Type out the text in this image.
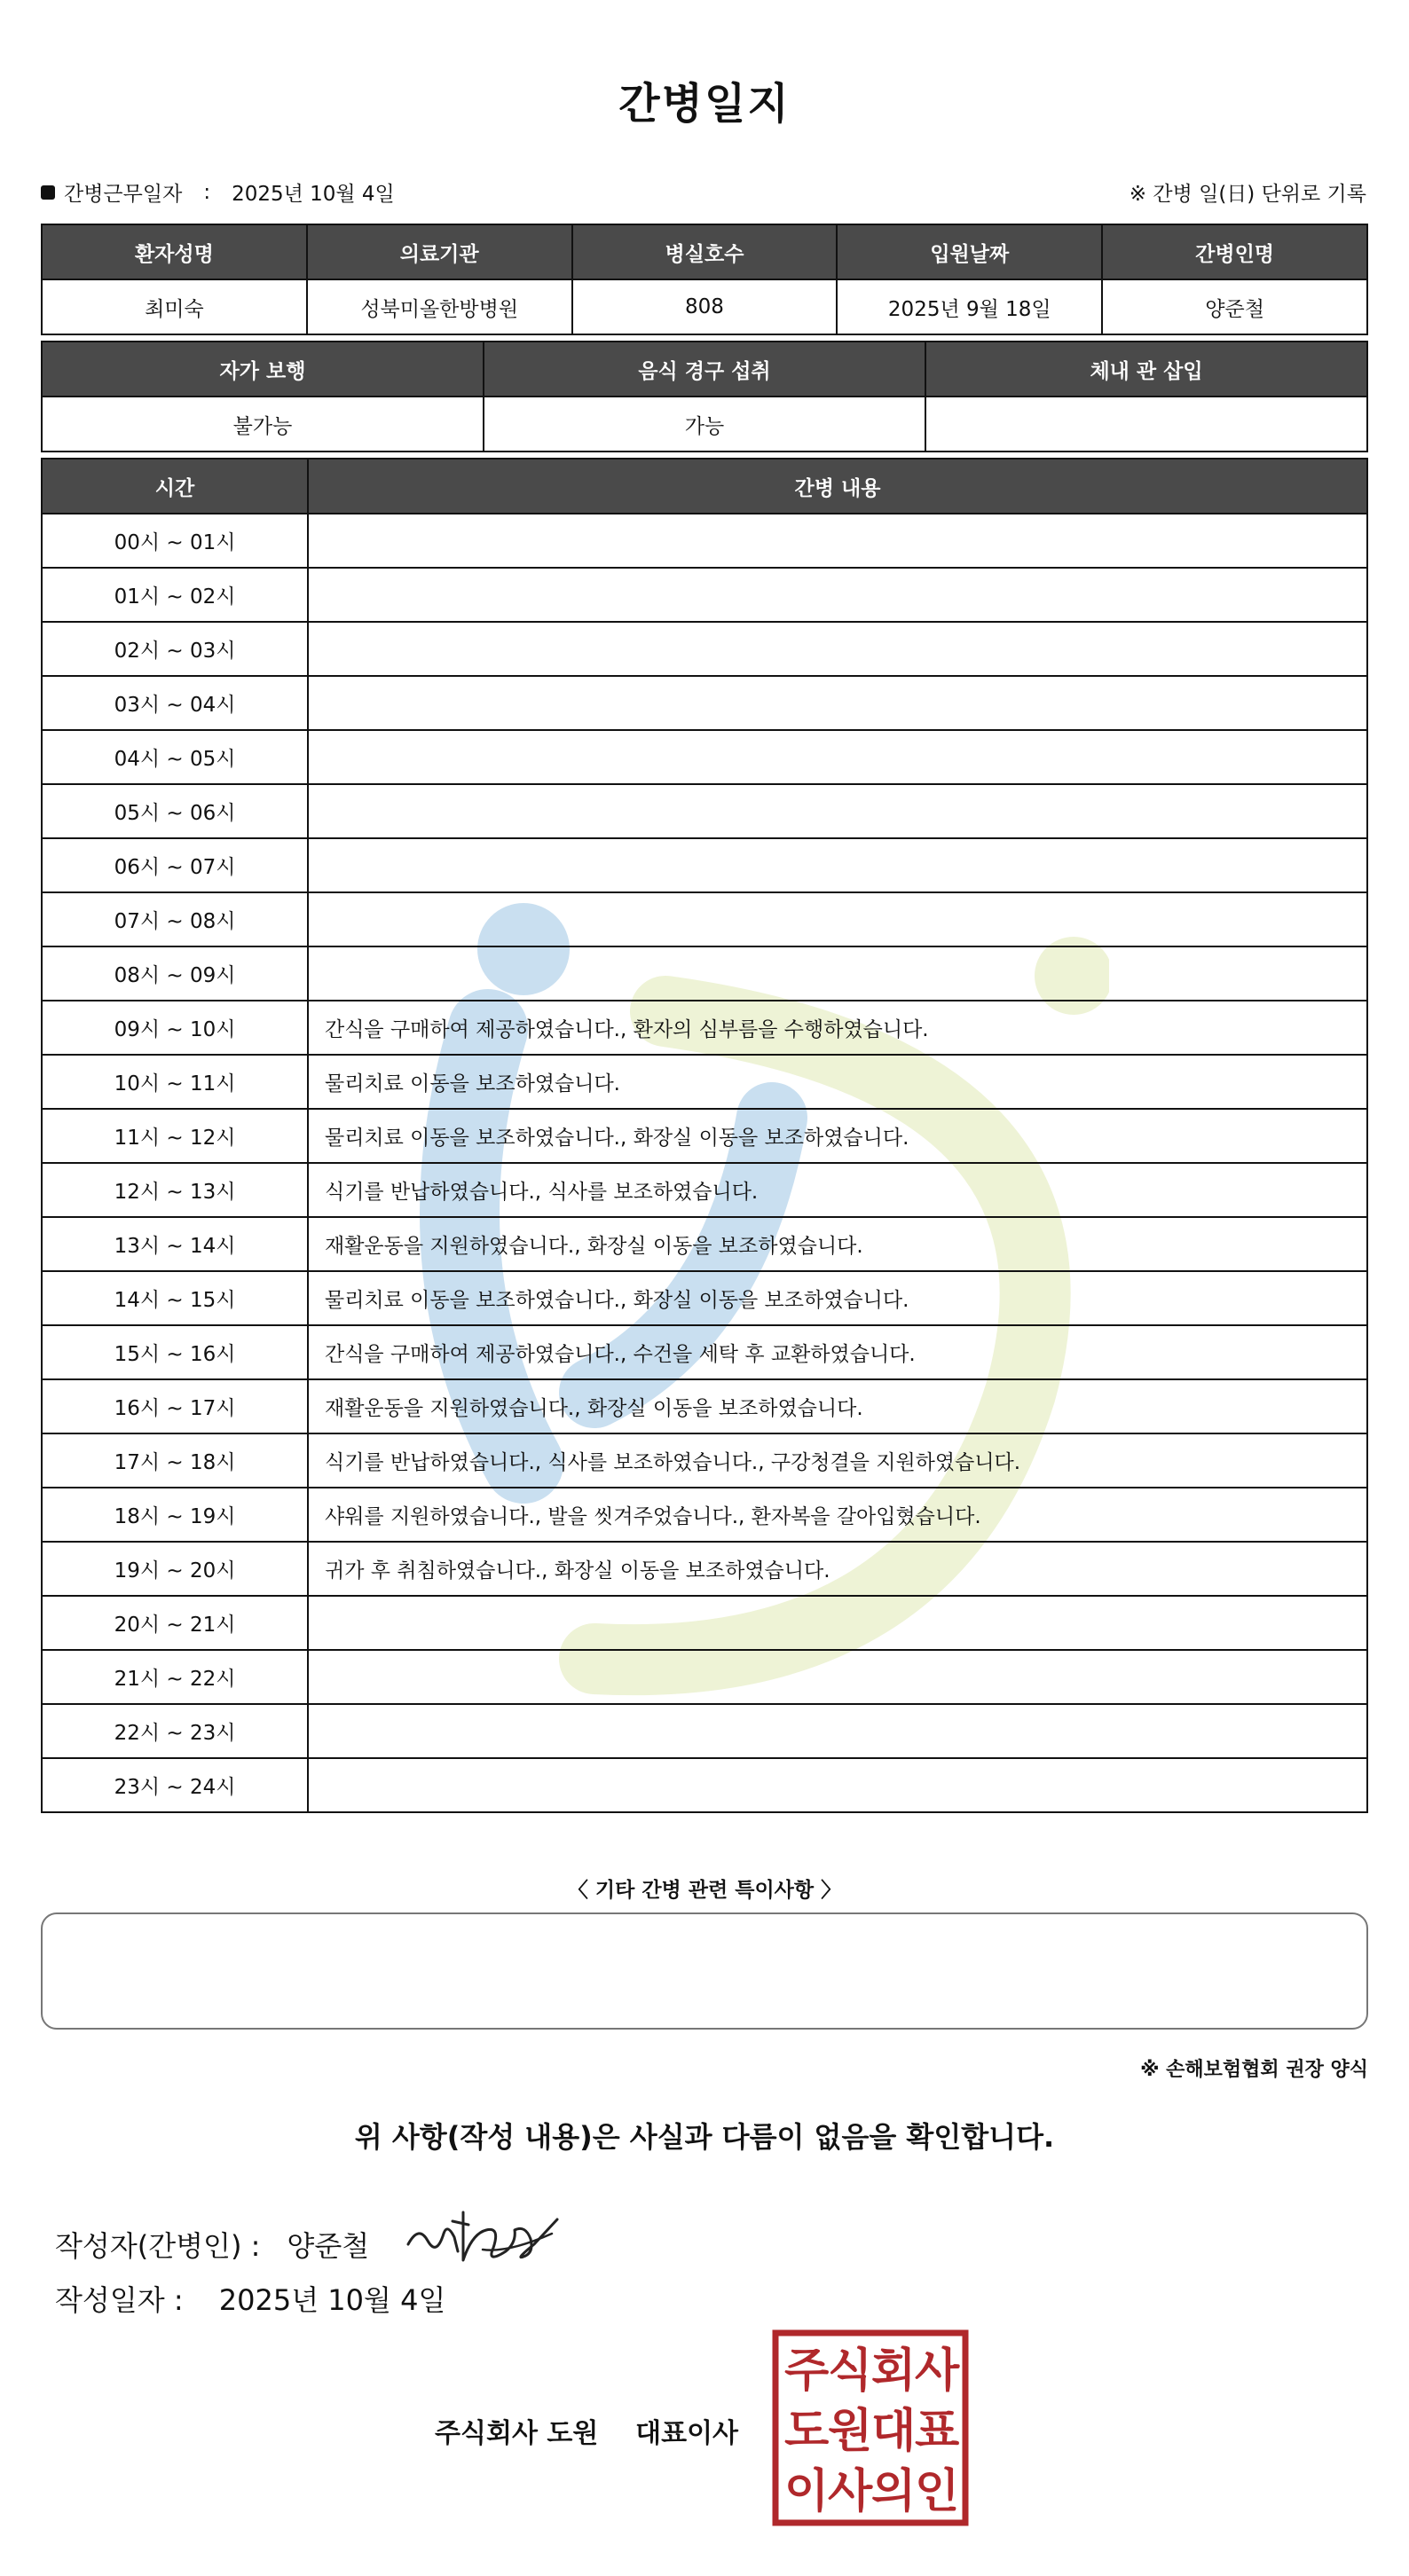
간병일지
간병근무일자 : 2025년 10월 4일	※ 간병 일(日) 단위로 기록
환자성명	의료기관	병실호수	입원날짜	간병인명
최미숙	성북미올한방병원	808	2025년 9월 18일	양준철
자가 보행	음식 경구 섭취	체내 관 삽입
불가능	가능	
시간	간병 내용
00시 ~ 01시	
01시 ~ 02시	
02시 ~ 03시	
03시 ~ 04시	
04시 ~ 05시	
05시 ~ 06시	
06시 ~ 07시	
07시 ~ 08시	
08시 ~ 09시	
09시 ~ 10시	간식을 구매하여 제공하였습니다., 환자의 심부름을 수행하였습니다.
10시 ~ 11시	물리치료 이동을 보조하였습니다.
11시 ~ 12시	물리치료 이동을 보조하였습니다., 화장실 이동을 보조하였습니다.
12시 ~ 13시	식기를 반납하였습니다., 식사를 보조하였습니다.
13시 ~ 14시	재활운동을 지원하였습니다., 화장실 이동을 보조하였습니다.
14시 ~ 15시	물리치료 이동을 보조하였습니다., 화장실 이동을 보조하였습니다.
15시 ~ 16시	간식을 구매하여 제공하였습니다., 수건을 세탁 후 교환하였습니다.
16시 ~ 17시	재활운동을 지원하였습니다., 화장실 이동을 보조하였습니다.
17시 ~ 18시	식기를 반납하였습니다., 식사를 보조하였습니다., 구강청결을 지원하였습니다.
18시 ~ 19시	샤워를 지원하였습니다., 발을 씻겨주었습니다., 환자복을 갈아입혔습니다.
19시 ~ 20시	귀가 후 취침하였습니다., 화장실 이동을 보조하였습니다.
20시 ~ 21시	
21시 ~ 22시	
22시 ~ 23시	
23시 ~ 24시	
〈 기타 간병 관련 특이사항 〉
※ 손해보험협회 권장 양식
위 사항(작성 내용)은 사실과 다름이 없음을 확인합니다.
작성자(간병인) : 양준철
작성일자 : 2025년 10월 4일
주식회사 도원 대표이사
주
식
회
사
도
원
대
표
이
사
의
인
